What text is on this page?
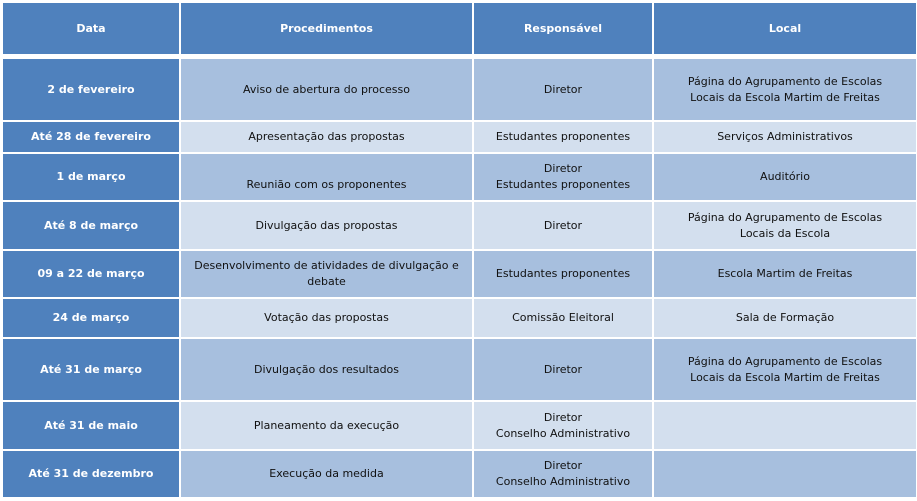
Data	Procedimentos	Responsável	Local
2 de fevereiro	Aviso de abertura do processo	Diretor	Página do Agrupamento de Escolas
Locais da Escola Martim de Freitas

Até 28 de fevereiro	Apresentação das propostas	Estudantes proponentes	Serviços Administrativos

1 de março	Reunião com os proponentes	Diretor
Estudantes proponentes	Auditório

Até 8 de março	Divulgação das propostas	Diretor	Página do Agrupamento de Escolas
Locais da Escola

09 a 22 de março	Desenvolvimento de atividades de divulgação e
debate	Estudantes proponentes	Escola Martim de Freitas

24 de março	Votação das propostas	Comissão Eleitoral	Sala de Formação

Até 31 de março	Divulgação dos resultados	Diretor	Página do Agrupamento de Escolas
Locais da Escola Martim de Freitas

Até 31 de maio	Planeamento da execução	Diretor
Conselho Administrativo	

Até 31 de dezembro	Execução da medida	Diretor
Conselho Administrativo	
